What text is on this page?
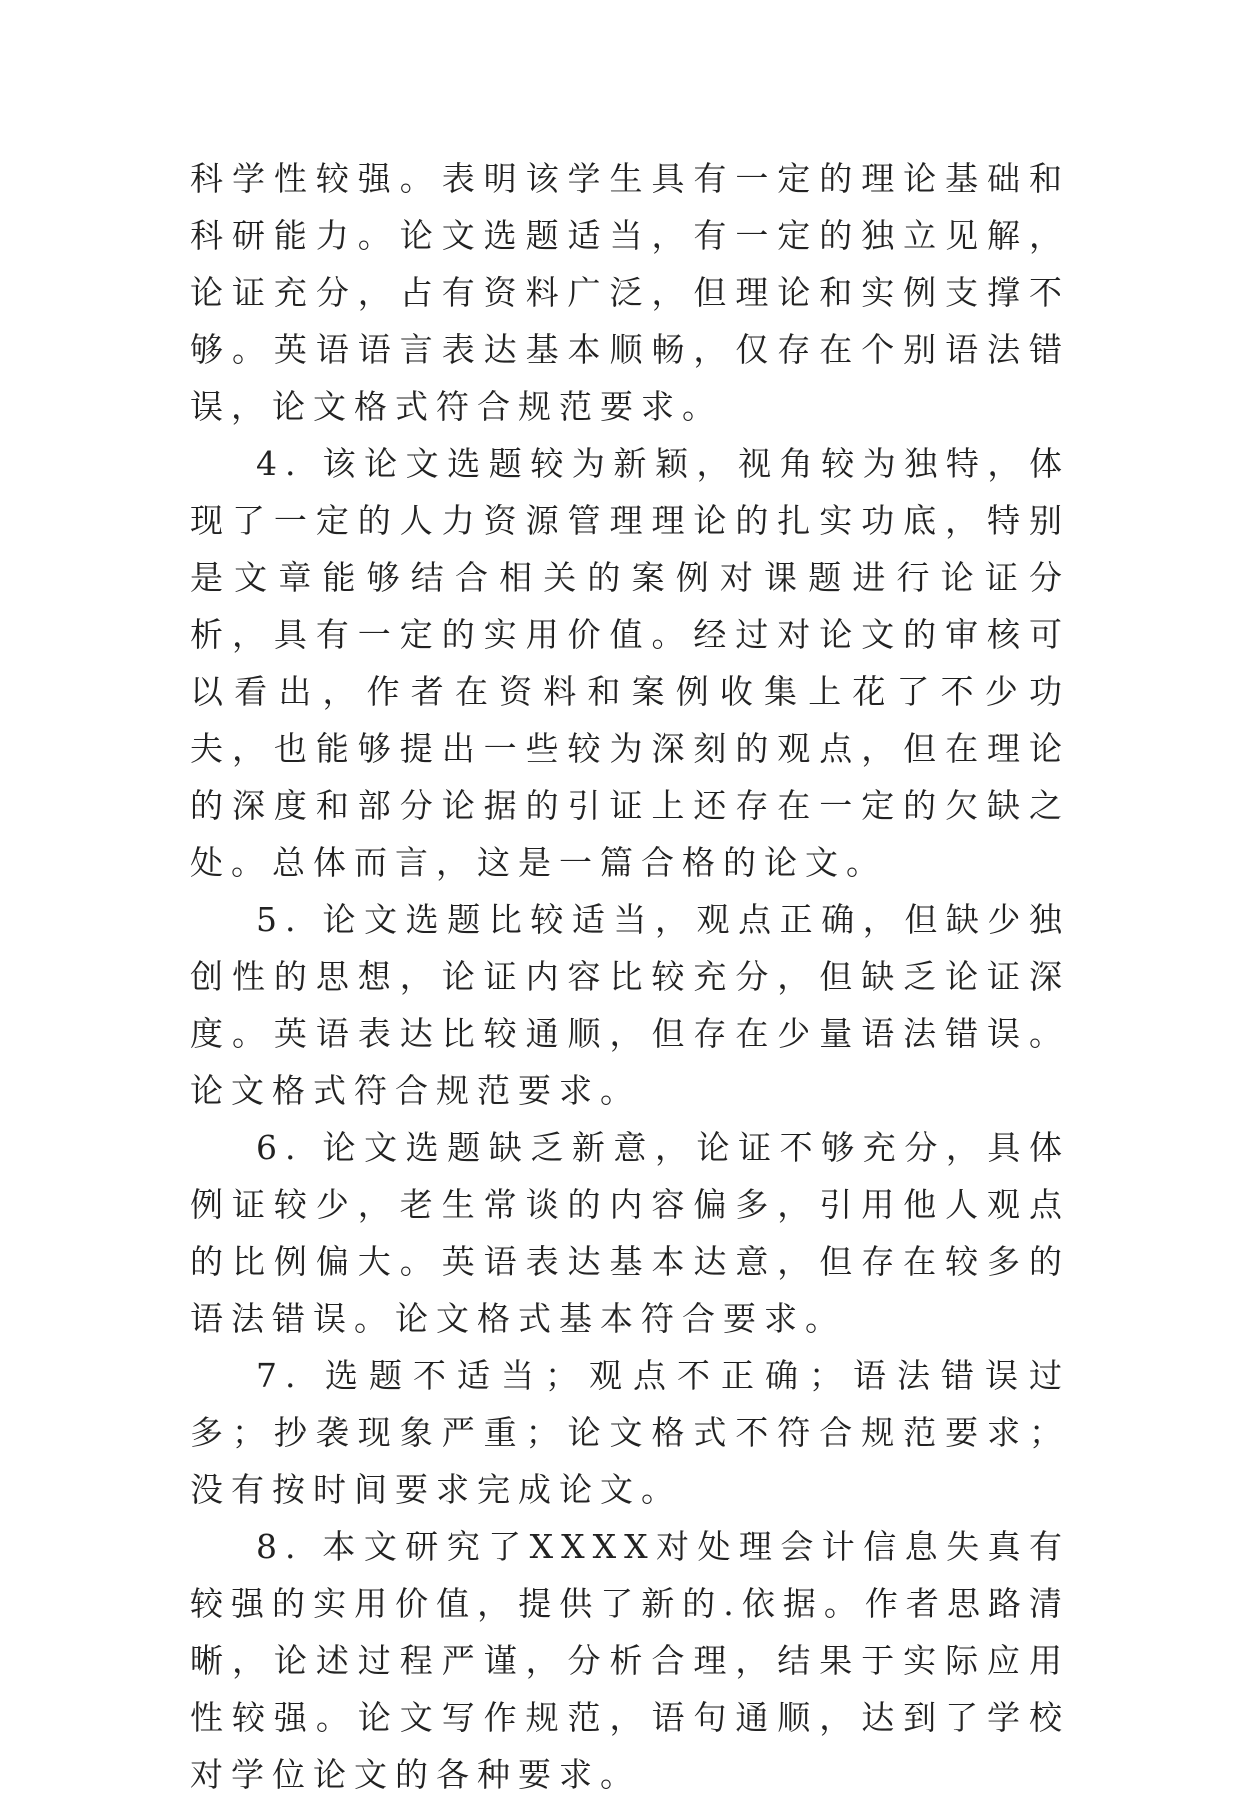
科学性较强。表明该学生具有一定的理论基础和科研能力。论文选题适当，有一定的独立见解，论证充分，占有资料广泛，但理论和实例支撑不够。英语语言表达基本顺畅，仅存在个别语法错误，论文格式符合规范要求。

4. 该论文选题较为新颖，视角较为独特，体现了一定的人力资源管理理论的扎实功底，特别是文章能够结合相关的案例对课题进行论证分析，具有一定的实用价值。经过对论文的审核可以看出，作者在资料和案例收集上花了不少功夫，也能够提出一些较为深刻的观点，但在理论的深度和部分论据的引证上还存在一定的欠缺之处。总体而言，这是一篇合格的论文。

5. 论文选题比较适当，观点正确，但缺少独创性的思想，论证内容比较充分，但缺乏论证深度。英语表达比较通顺，但存在少量语法错误。论文格式符合规范要求。

6. 论文选题缺乏新意，论证不够充分，具体例证较少，老生常谈的内容偏多，引用他人观点的比例偏大。英语表达基本达意，但存在较多的语法错误。论文格式基本符合要求。

7. 选题不适当；观点不正确；语法错误过多；抄袭现象严重；论文格式不符合规范要求；没有按时间要求完成论文。

8. 本文研究了XXXX对处理会计信息失真有较强的实用价值，提供了新的.依据。作者思路清晰，论述过程严谨，分析合理，结果于实际应用性较强。论文写作规范，语句通顺，达到了学校对学位论文的各种要求。
